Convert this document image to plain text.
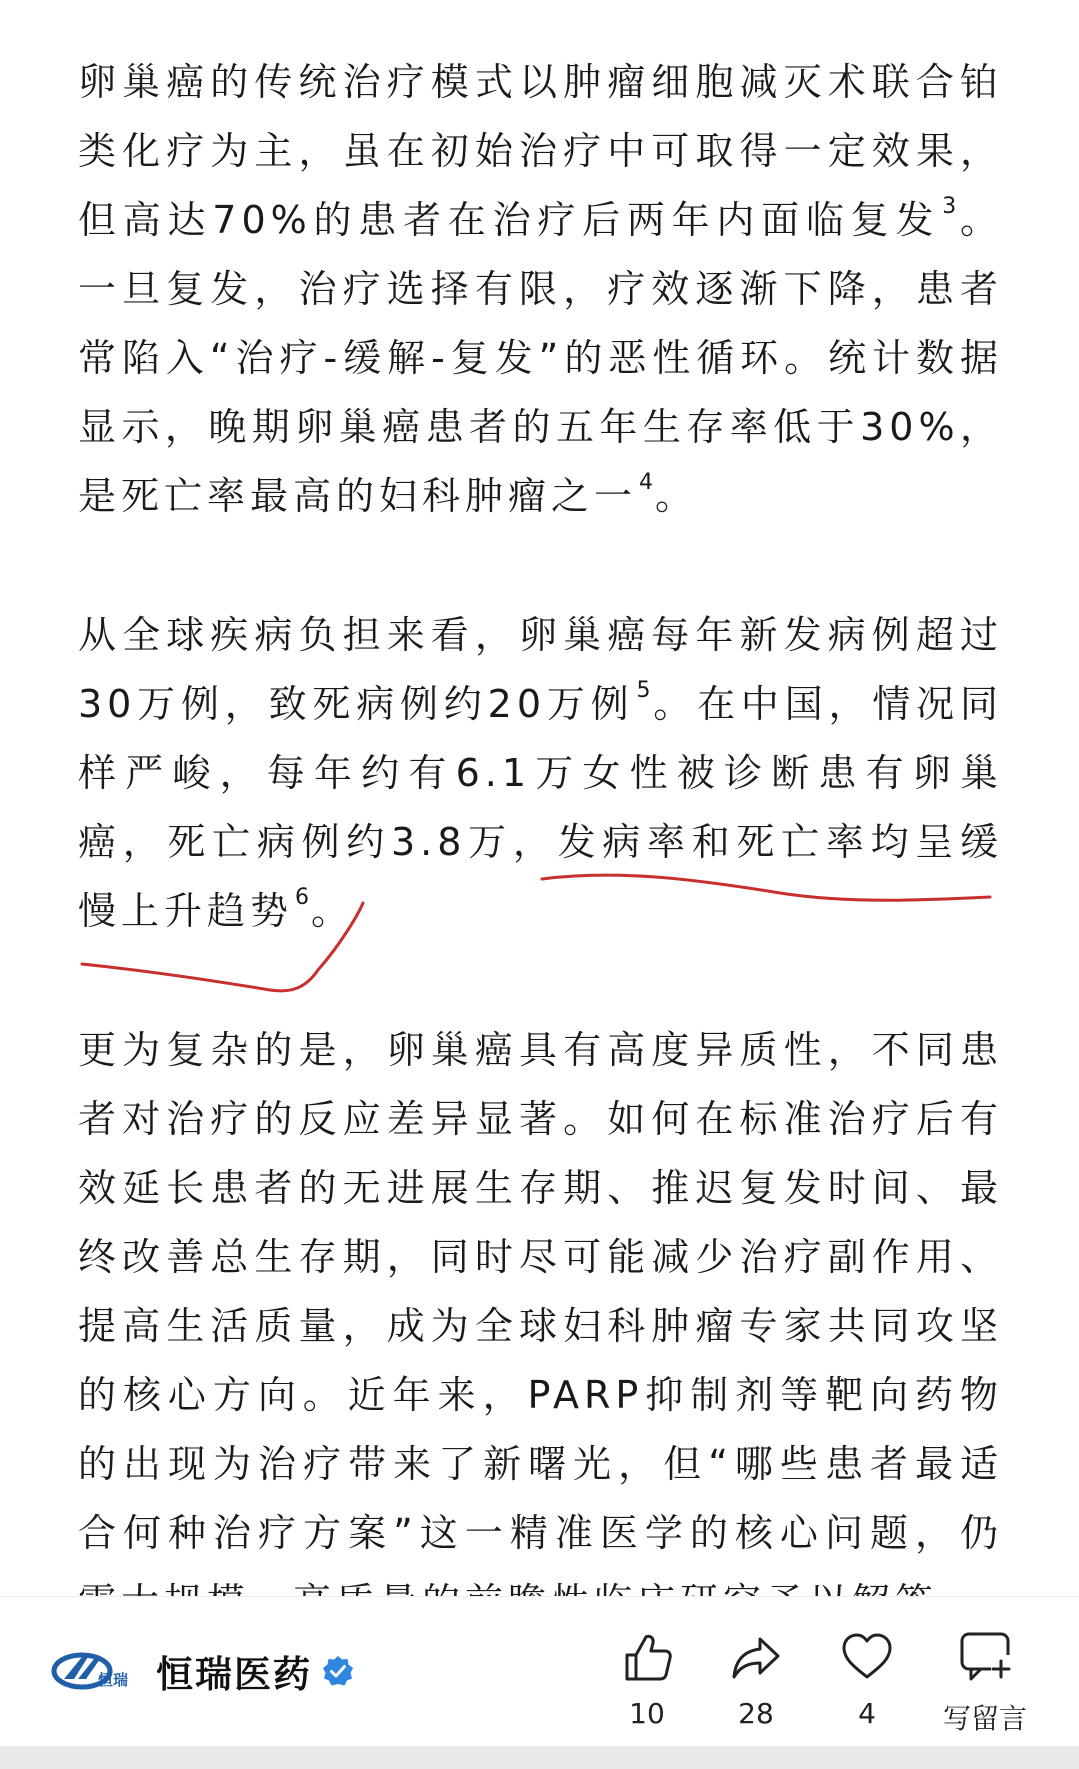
卵巢癌的传统治疗模式以肿瘤细胞减灭术联合铂类化疗为主，虽在初始治疗中可取得一定效果，但高达70%的患者在治疗后两年内面临复发$^3$。一旦复发，治疗选择有限，疗效逐渐下降，患者常陷入“治疗-缓解-复发”的恶性循环。统计数据显示，晚期卵巢癌患者的五年生存率低于30%，是死亡率最高的妇科肿瘤之一$^4$。

从全球疾病负担来看，卵巢癌每年新发病例超过30万例，致死病例约20万例$^5$。在中国，情况同样严峻，每年约有6.1万女性被诊断患有卵巢癌，死亡病例约3.8万，发病率和死亡率均呈缓慢上升趋势$^6$。

更为复杂的是，卵巢癌具有高度异质性，不同患者对治疗的反应差异显著。如何在标准治疗后有效延长患者的无进展生存期、推迟复发时间、最终改善总生存期，同时尽可能减少治疗副作用、提高生活质量，成为全球妇科肿瘤专家共同攻坚的核心方向。近年来，PARP抑制剂等靶向药物的出现为治疗带来了新曙光，但“哪些患者最适合何种治疗方案”这一精准医学的核心问题，仍

恒瑞 恒瑞医药
10	28	4 写留言
